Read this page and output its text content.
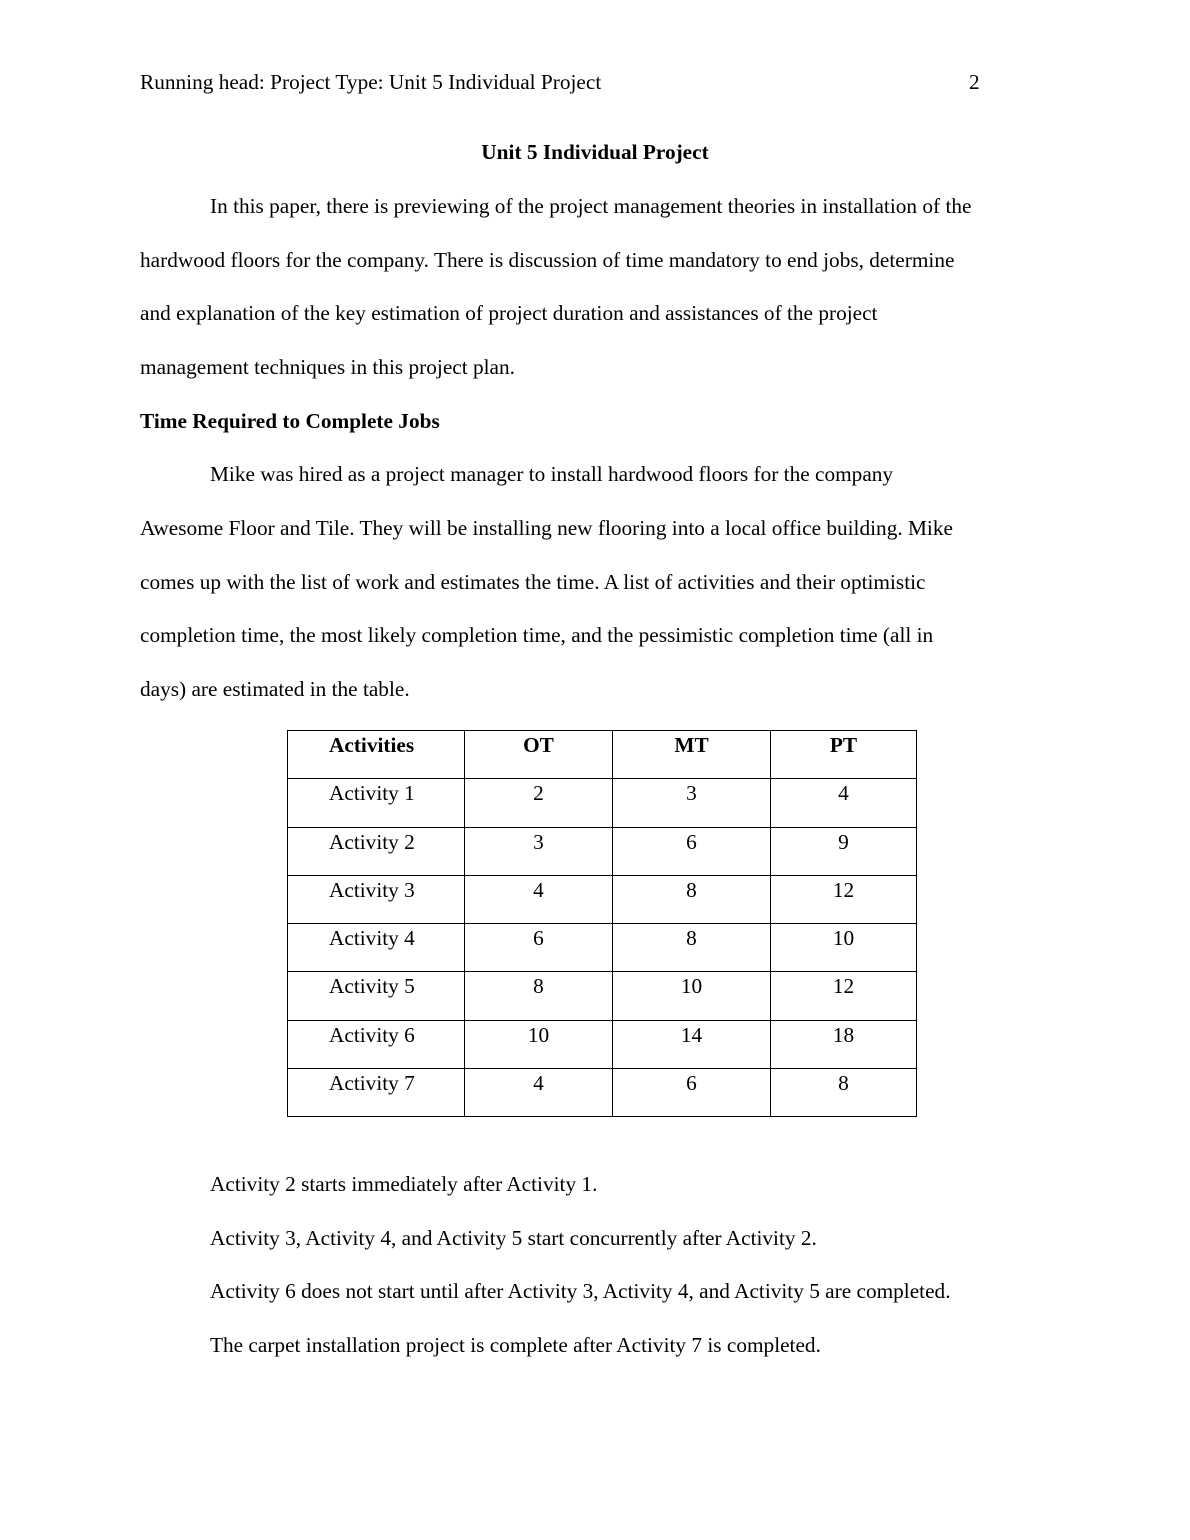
Running head: Project Type: Unit 5 Individual Project	2
Unit 5 Individual Project
In this paper, there is previewing of the project management theories in installation of the
hardwood floors for the company. There is discussion of time mandatory to end jobs, determine
and explanation of the key estimation of project duration and assistances of the project
management techniques in this project plan.
Time Required to Complete Jobs
Mike was hired as a project manager to install hardwood floors for the company
Awesome Floor and Tile. They will be installing new flooring into a local office building. Mike
comes up with the list of work and estimates the time. A list of activities and their optimistic
completion time, the most likely completion time, and the pessimistic completion time (all in
days) are estimated in the table.
Activities	OT	MT	PT
Activity 1	2	3	4
Activity 2	3	6	9
Activity 3	4	8	12
Activity 4	6	8	10
Activity 5	8	10	12
Activity 6	10	14	18
Activity 7	4	6	8
Activity 2 starts immediately after Activity 1.
Activity 3, Activity 4, and Activity 5 start concurrently after Activity 2.
Activity 6 does not start until after Activity 3, Activity 4, and Activity 5 are completed.
The carpet installation project is complete after Activity 7 is completed.
